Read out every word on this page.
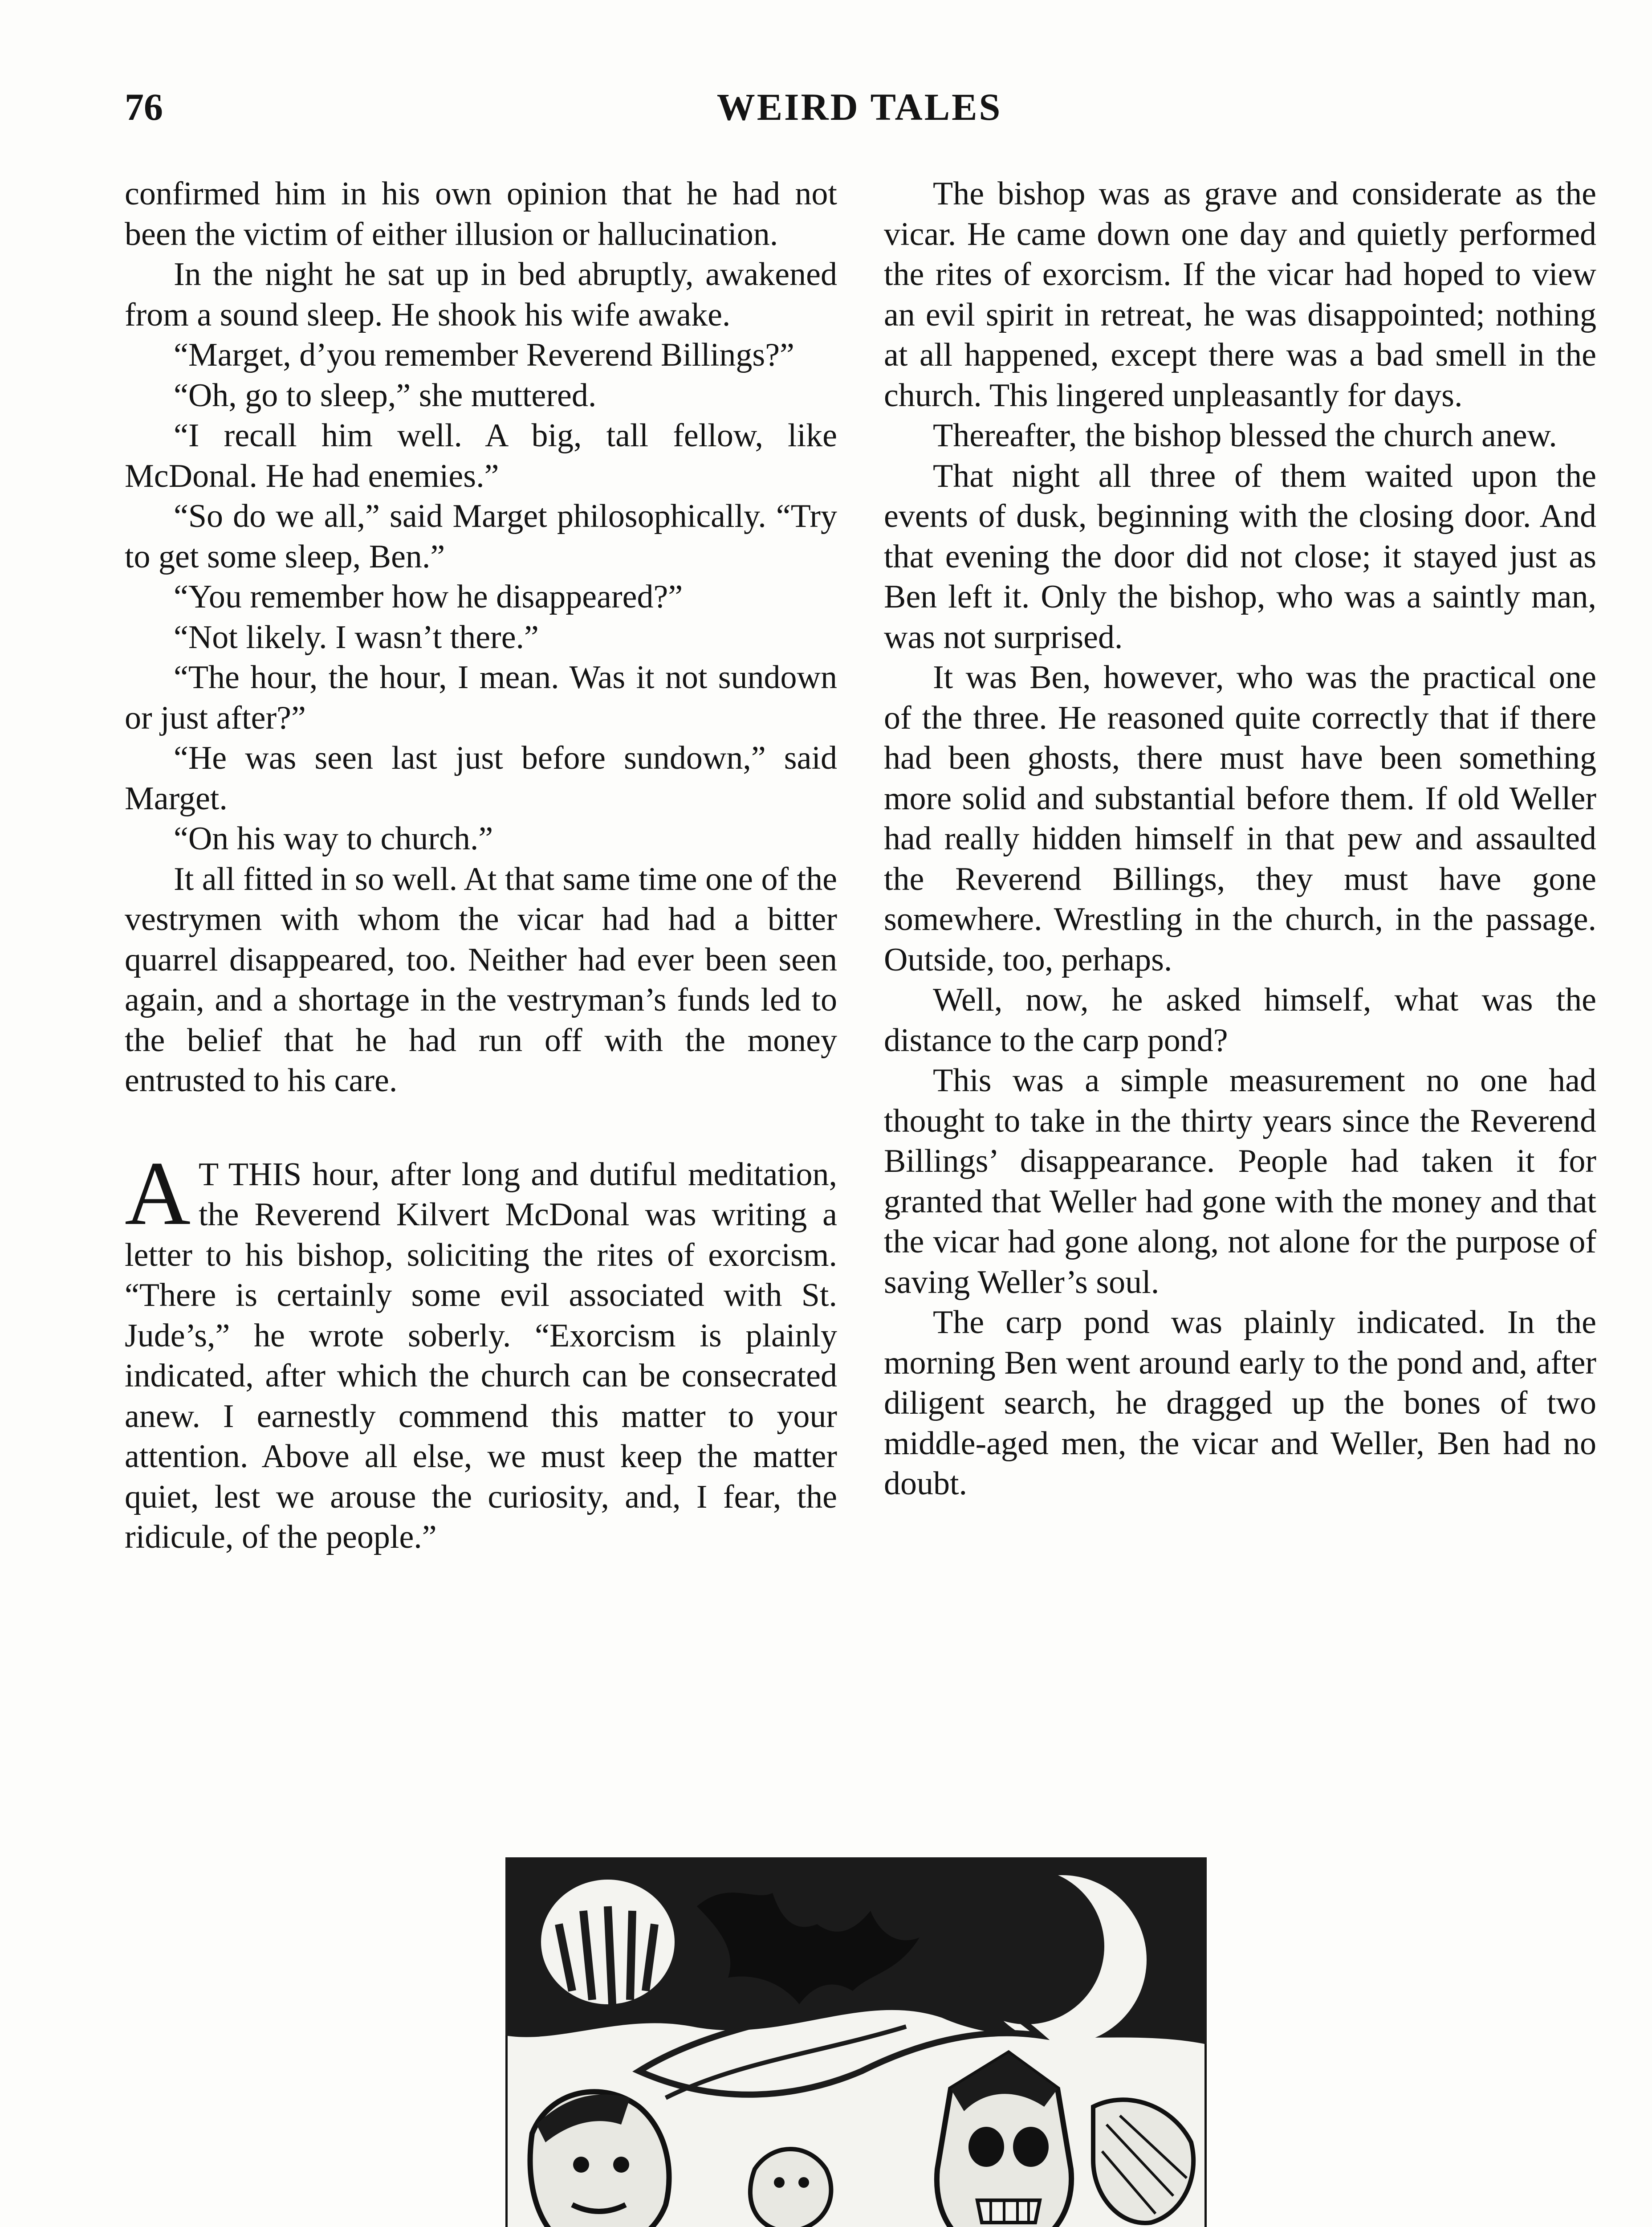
76	WEIRD TALES

confirmed him in his own opinion that he had not been the victim of either illusion or hallucination.

In the night he sat up in bed abruptly, awakened from a sound sleep. He shook his wife awake.

“Marget, d’you remember Reverend Billings?”

“Oh, go to sleep,” she muttered.

“I recall him well. A big, tall fellow, like McDonal. He had enemies.”

“So do we all,” said Marget philosophically. “Try to get some sleep, Ben.”

“You remember how he disappeared?”

“Not likely. I wasn’t there.”

“The hour, the hour, I mean. Was it not sundown or just after?”

“He was seen last just before sundown,” said Marget.

“On his way to church.”

It all fitted in so well. At that same time one of the vestrymen with whom the vicar had had a bitter quarrel disappeared, too. Neither had ever been seen again, and a shortage in the vestryman’s funds led to the belief that he had run off with the money entrusted to his care.

A T THIS hour, after long and dutiful meditation, the Reverend Kilvert McDonal was writing a letter to his bishop, soliciting the rites of exorcism. “There is certainly some evil associated with St. Jude’s,” he wrote soberly. “Exorcism is plainly indicated, after which the church can be consecrated anew. I earnestly commend this matter to your attention. Above all else, we must keep the matter quiet, lest we arouse the curiosity, and, I fear, the ridicule, of the people.”

The bishop was as grave and considerate as the vicar. He came down one day and quietly performed the rites of exorcism. If the vicar had hoped to view an evil spirit in retreat, he was disappointed; nothing at all happened, except there was a bad smell in the church. This lingered unpleasantly for days.

Thereafter, the bishop blessed the church anew.

That night all three of them waited upon the events of dusk, beginning with the closing door. And that evening the door did not close; it stayed just as Ben left it. Only the bishop, who was a saintly man, was not surprised.

It was Ben, however, who was the practical one of the three. He reasoned quite correctly that if there had been ghosts, there must have been something more solid and substantial before them. If old Weller had really hidden himself in that pew and assaulted the Reverend Billings, they must have gone somewhere. Wrestling in the church, in the passage. Outside, too, perhaps.

Well, now, he asked himself, what was the distance to the carp pond?

This was a simple measurement no one had thought to take in the thirty years since the Reverend Billings’ disappearance. People had taken it for granted that Weller had gone with the money and that the vicar had gone along, not alone for the purpose of saving Weller’s soul.

The carp pond was plainly indicated. In the morning Ben went around early to the pond and, after diligent search, he dragged up the bones of two middle-aged men, the vicar and Weller, Ben had no doubt.
